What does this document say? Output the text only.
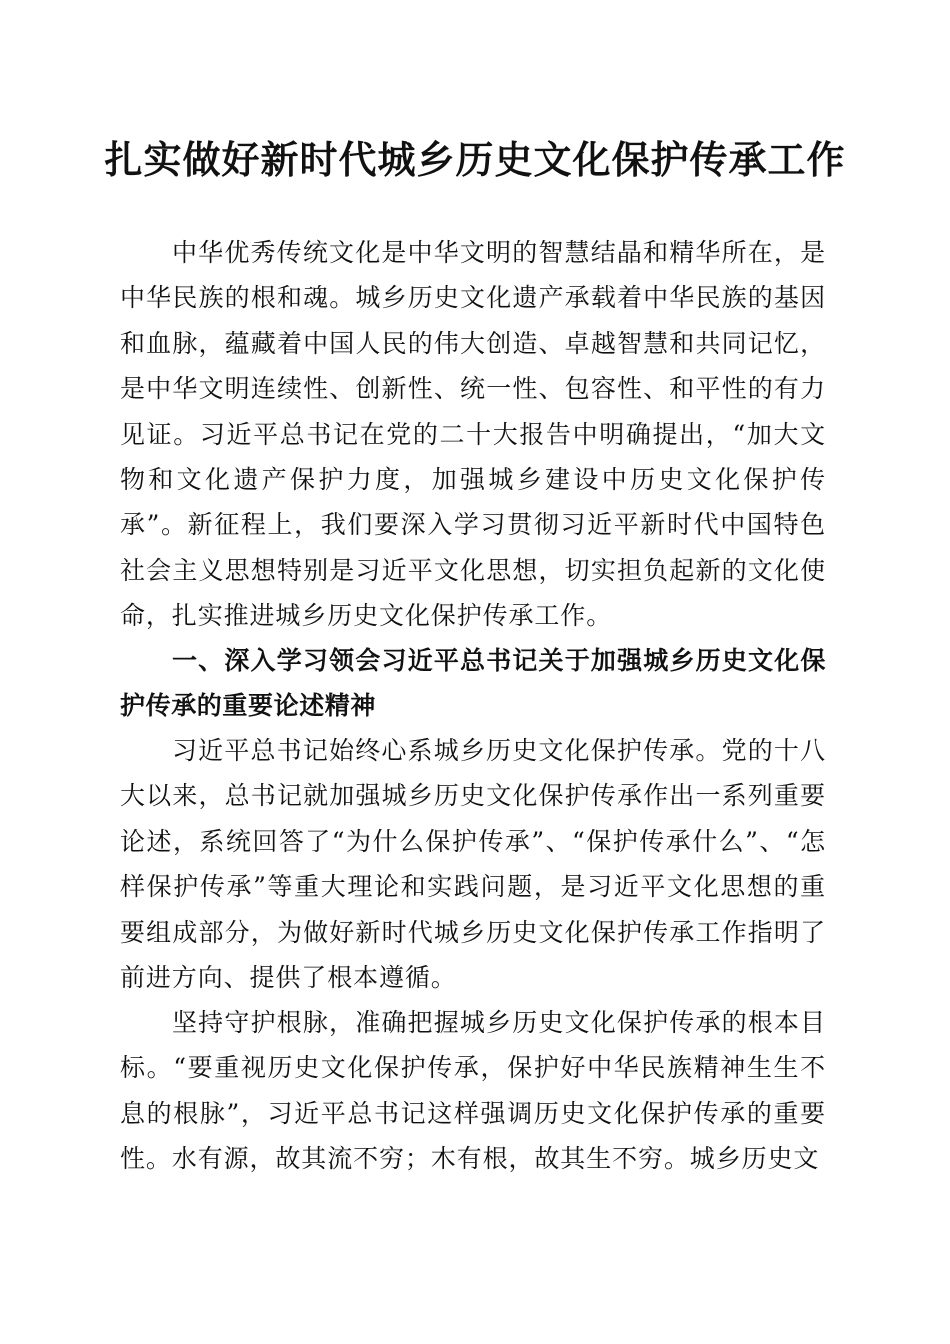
扎实做好新时代城乡历史文化保护传承工作

中华优秀传统文化是中华文明的智慧结晶和精华所在，是中华民族的根和魂。城乡历史文化遗产承载着中华民族的基因和血脉，蕴藏着中国人民的伟大创造、卓越智慧和共同记忆，是中华文明连续性、创新性、统一性、包容性、和平性的有力见证。习近平总书记在党的二十大报告中明确提出，“加大文物和文化遗产保护力度，加强城乡建设中历史文化保护传承”。新征程上，我们要深入学习贯彻习近平新时代中国特色社会主义思想特别是习近平文化思想，切实担负起新的文化使命，扎实推进城乡历史文化保护传承工作。

一、深入学习领会习近平总书记关于加强城乡历史文化保护传承的重要论述精神

习近平总书记始终心系城乡历史文化保护传承。党的十八大以来，总书记就加强城乡历史文化保护传承作出一系列重要论述，系统回答了“为什么保护传承”、“保护传承什么”、“怎样保护传承”等重大理论和实践问题，是习近平文化思想的重要组成部分，为做好新时代城乡历史文化保护传承工作指明了前进方向、提供了根本遵循。

坚持守护根脉，准确把握城乡历史文化保护传承的根本目标。“要重视历史文化保护传承，保护好中华民族精神生生不息的根脉”，习近平总书记这样强调历史文化保护传承的重要性。水有源，故其流不穷；木有根，故其生不穷。城乡历史文
